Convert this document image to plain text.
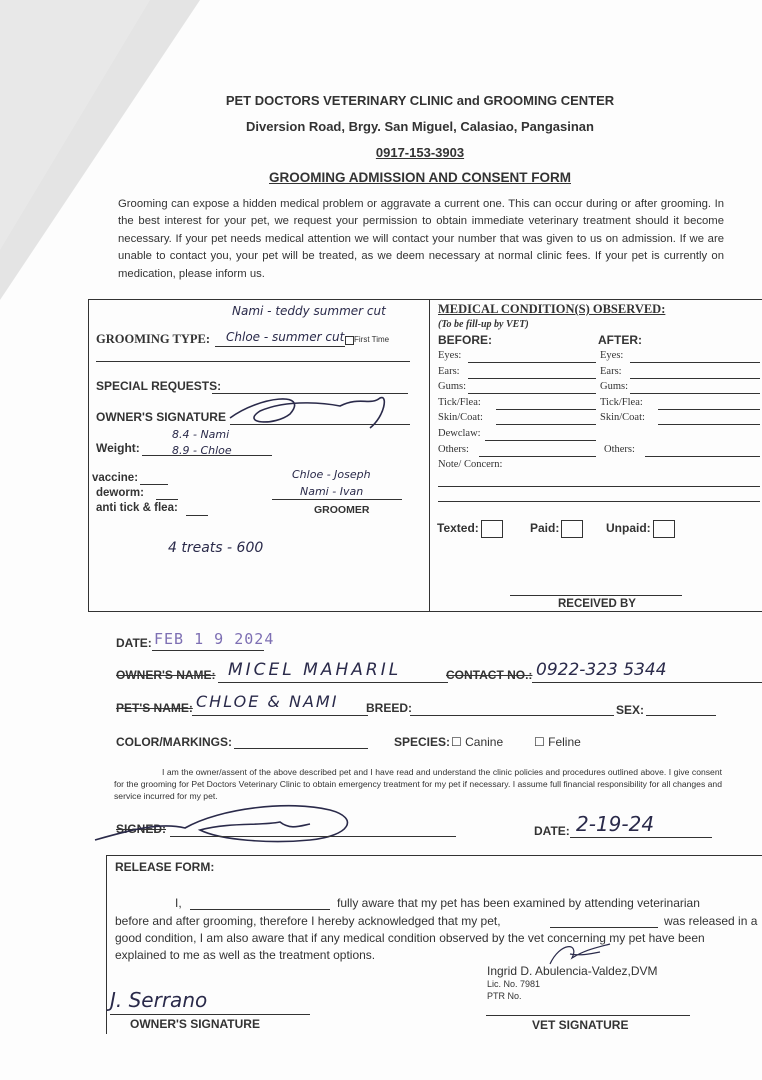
PET DOCTORS VETERINARY CLINIC and GROOMING CENTER
Diversion Road, Brgy. San Miguel, Calasiao, Pangasinan
0917-153-3903
GROOMING ADMISSION AND CONSENT FORM
Grooming can expose a hidden medical problem or aggravate a current one. This can occur during or after grooming. In the best interest for your pet, we request your permission to obtain immediate veterinary treatment should it become necessary. If your pet needs medical attention we will contact your number that was given to us on admission. If we are unable to contact you, your pet will be treated, as we deem necessary at normal clinic fees. If your pet is currently on medication, please inform us.
Nami - teddy summer cut
GROOMING TYPE: Chloe - summer cut First Time
SPECIAL REQUESTS:
OWNER'S SIGNATURE
Weight:
8.4 - Nami
8.9 - Chloe
vaccine:
deworm:
anti tick & flea:
Chloe - Joseph
Nami - Ivan
GROOMER
4 treats - 600
MEDICAL CONDITION(S) OBSERVED:
(To be fill-up by VET)
BEFORE:	AFTER:
Eyes:	Eyes:
Ears:	Ears:
Gums:	Gums:
Tick/Flea:	Tick/Flea:
Skin/Coat:	Skin/Coat:
Dewclaw:
Others:	Others:
Note/ Concern:
Texted:	Paid:	Unpaid:
RECEIVED BY
DATE: FEB 1 9 2024
OWNER'S NAME: MICEL MAHARIL	CONTACT NO.: 0922-323 5344
PET'S NAME: CHLOE & NAMI BREED:	SEX:
COLOR/MARKINGS:	SPECIES: ☐ Canine	☐ Feline
I am the owner/assent of the above described pet and I have read and understand the clinic policies and procedures outlined above. I give consent for the grooming for Pet Doctors Veterinary Clinic to obtain emergency treatment for my pet if necessary. I assume full financial responsibility for all changes and service incurred for my pet.
SIGNED:	DATE: 2-19-24
RELEASE FORM:
I,	fully aware that my pet has been examined by attending veterinarian
before and after grooming, therefore I hereby acknowledged that my pet,	was released in a
good condition, I am also aware that if any medical condition observed by the vet concerning my pet have been
explained to me as well as the treatment options.
Ingrid D. Abulencia-Valdez,DVM
Lic. No. 7981
PTR No.
J. Serrano
OWNER'S SIGNATURE	VET SIGNATURE
